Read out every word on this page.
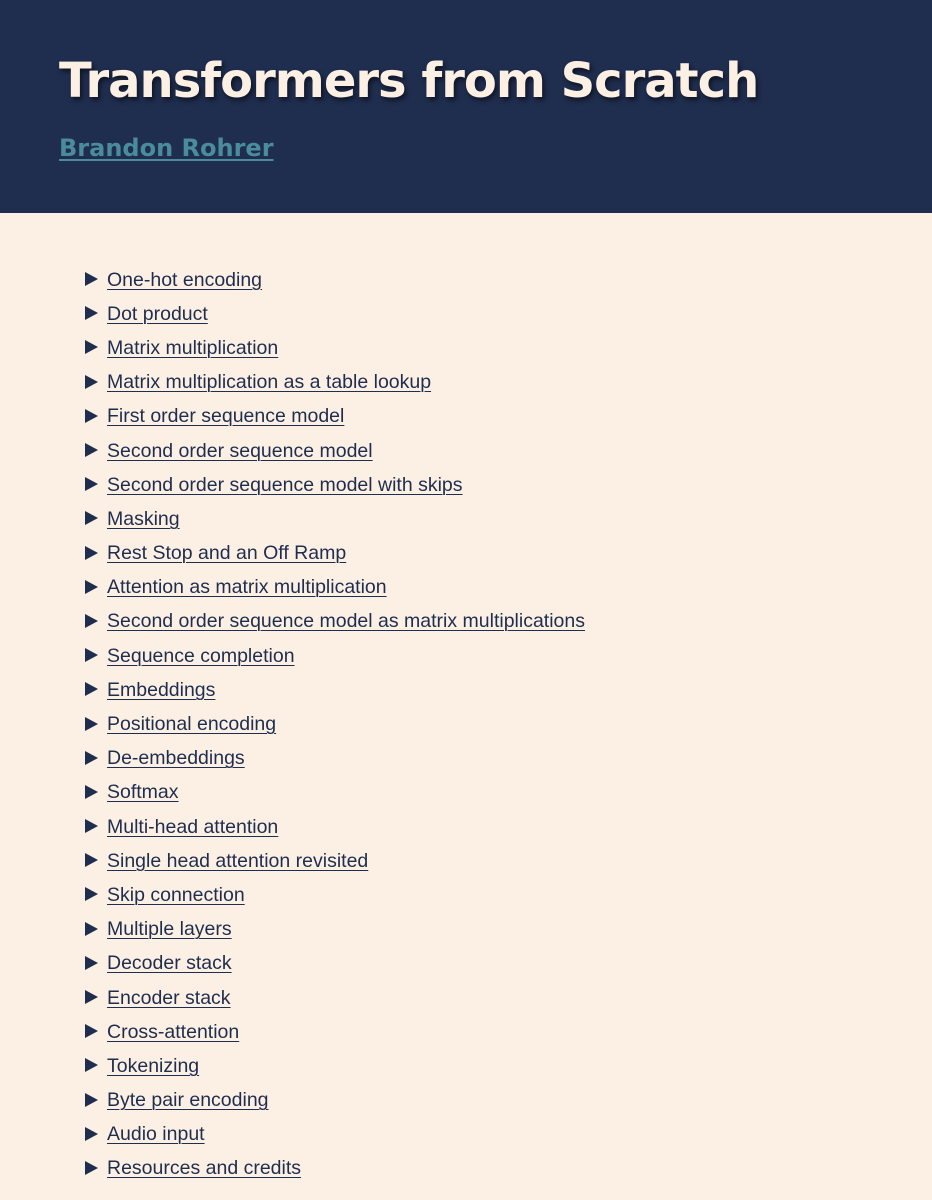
Transformers from Scratch
Brandon Rohrer
One-hot encoding
Dot product
Matrix multiplication
Matrix multiplication as a table lookup
First order sequence model
Second order sequence model
Second order sequence model with skips
Masking
Rest Stop and an Off Ramp
Attention as matrix multiplication
Second order sequence model as matrix multiplications
Sequence completion
Embeddings
Positional encoding
De-embeddings
Softmax
Multi-head attention
Single head attention revisited
Skip connection
Multiple layers
Decoder stack
Encoder stack
Cross-attention
Tokenizing
Byte pair encoding
Audio input
Resources and credits
